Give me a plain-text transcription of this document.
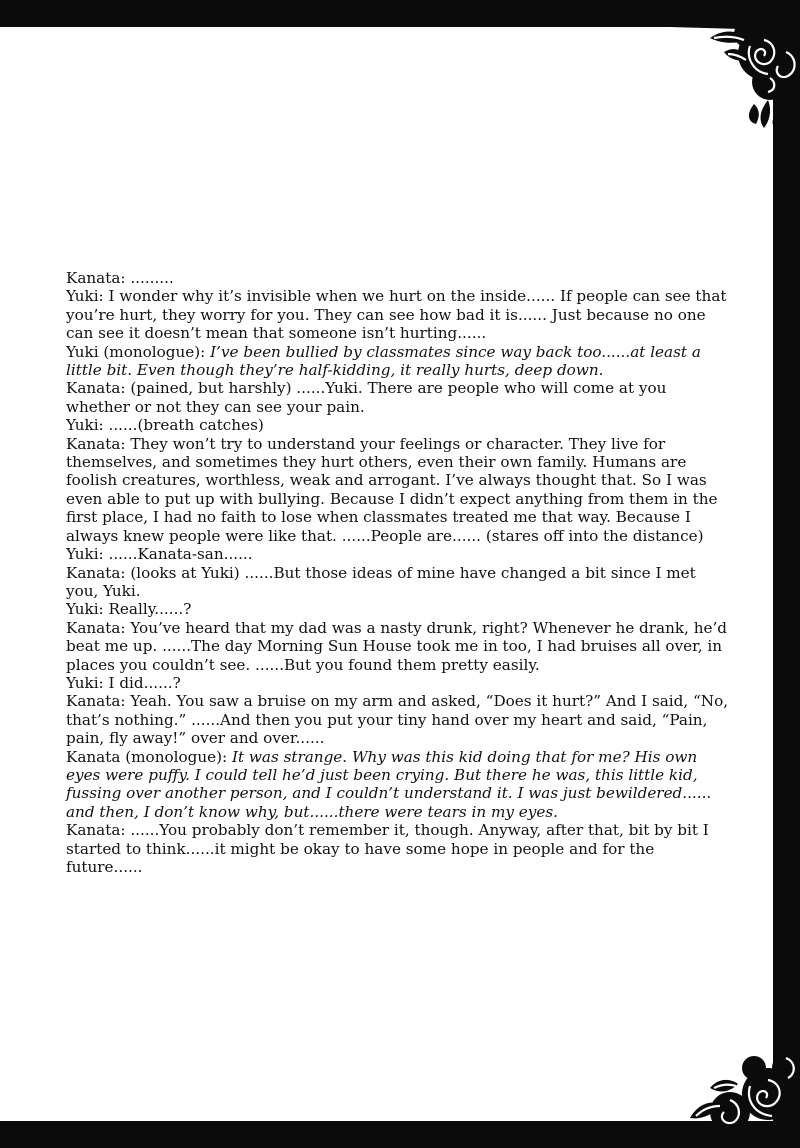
Kanata: .........

Yuki: I wonder why it’s invisible when we hurt on the inside...... If people can see that you’re hurt, they worry for you. They can see how bad it is...... Just because no one can see it doesn’t mean that someone isn’t hurting......

Yuki (monologue): I’ve been bullied by classmates since way back too......at least a little bit. Even though they’re half-kidding, it really hurts, deep down.

Kanata: (pained, but harshly) ......Yuki. There are people who will come at you whether or not they can see your pain.

Yuki: ......(breath catches)

Kanata: They won’t try to understand your feelings or character. They live for themselves, and sometimes they hurt others, even their own family. Humans are foolish creatures, worthless, weak and arrogant. I’ve always thought that. So I was even able to put up with bullying. Because I didn’t expect anything from them in the first place, I had no faith to lose when classmates treated me that way. Because I always knew people were like that. ......People are...... (stares off into the distance)

Yuki: ......Kanata-san......

Kanata: (looks at Yuki) ......But those ideas of mine have changed a bit since I met you, Yuki.

Yuki: Really......?

Kanata: You’ve heard that my dad was a nasty drunk, right? Whenever he drank, he’d beat me up. ......The day Morning Sun House took me in too, I had bruises all over, in places you couldn’t see. ......But you found them pretty easily.

Yuki: I did......?

Kanata: Yeah. You saw a bruise on my arm and asked, “Does it hurt?” And I said, “No, that’s nothing.” ......And then you put your tiny hand over my heart and said, “Pain, pain, fly away!” over and over......

Kanata (monologue): It was strange. Why was this kid doing that for me? His own eyes were puffy. I could tell he’d just been crying. But there he was, this little kid, fussing over another person, and I couldn’t understand it. I was just bewildered...... and then, I don’t know why, but......there were tears in my eyes.

Kanata: ......You probably don’t remember it, though. Anyway, after that, bit by bit I started to think......it might be okay to have some hope in people and for the future......
